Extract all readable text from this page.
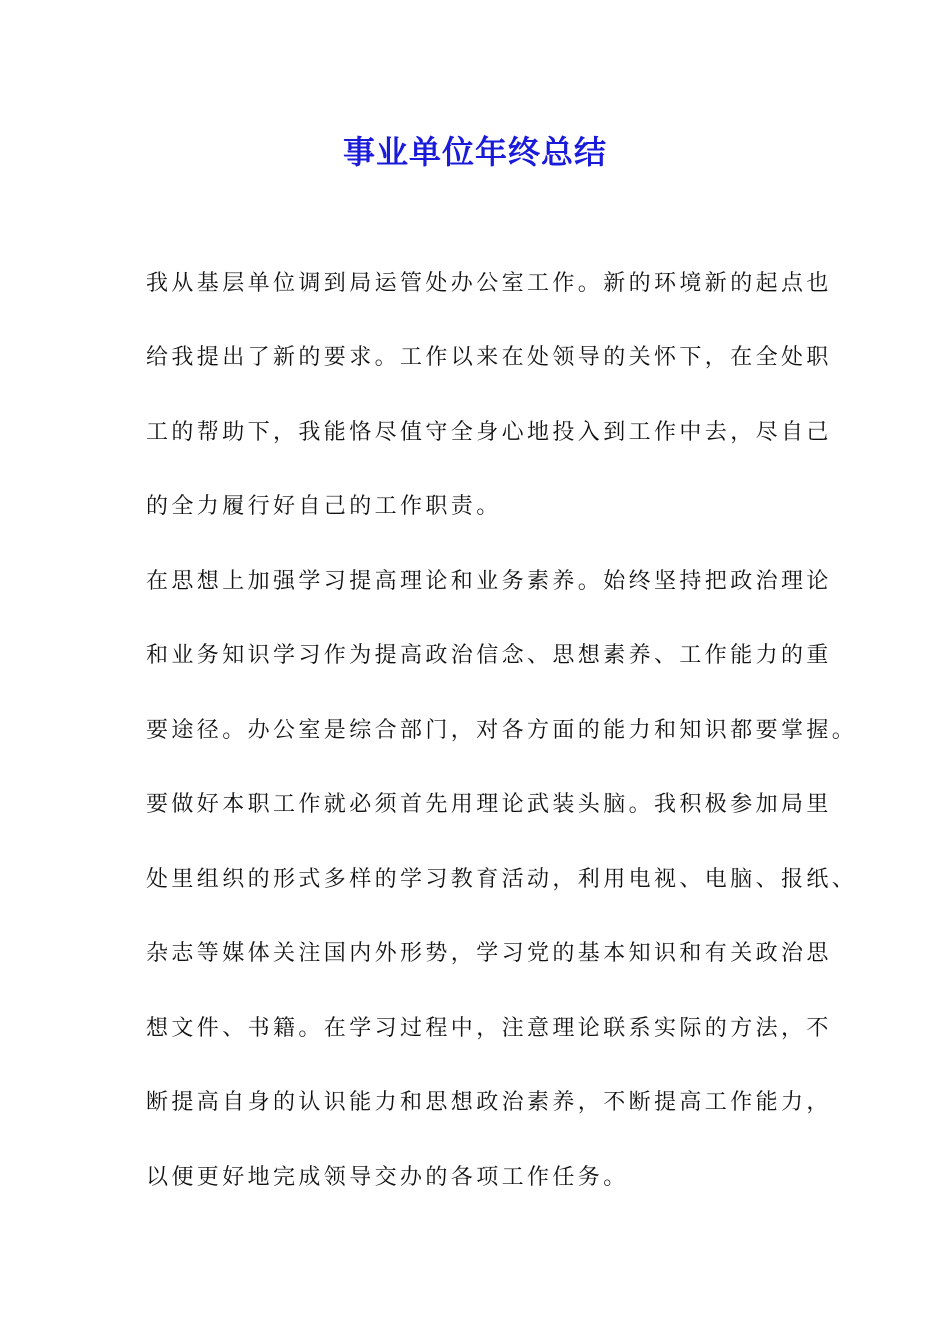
事业单位年终总结
我从基层单位调到局运管处办公室工作。新的环境新的起点也
给我提出了新的要求。工作以来在处领导的关怀下，在全处职
工的帮助下，我能恪尽值守全身心地投入到工作中去，尽自己
的全力履行好自己的工作职责。
在思想上加强学习提高理论和业务素养。始终坚持把政治理论
和业务知识学习作为提高政治信念、思想素养、工作能力的重
要途径。办公室是综合部门，对各方面的能力和知识都要掌握。
要做好本职工作就必须首先用理论武装头脑。我积极参加局里
处里组织的形式多样的学习教育活动，利用电视、电脑、报纸、
杂志等媒体关注国内外形势，学习党的基本知识和有关政治思
想文件、书籍。在学习过程中，注意理论联系实际的方法，不
断提高自身的认识能力和思想政治素养，不断提高工作能力，
以便更好地完成领导交办的各项工作任务。
